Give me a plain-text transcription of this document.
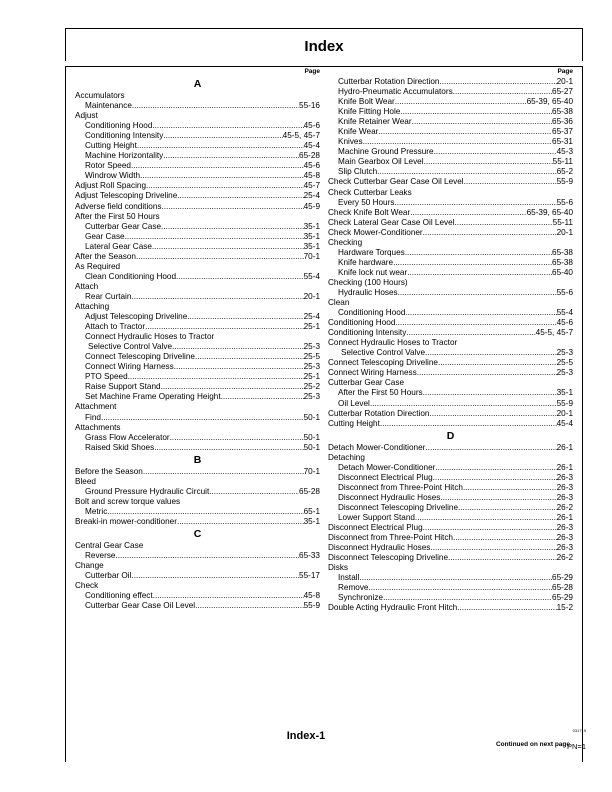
Index
Page
A
Accumulators
Maintenance .....	55-16
Adjust
Conditioning Hood .....	45-6
Conditioning Intensity .....	45-5, 45-7
Cutting Height .....	45-4
Machine Horizontality .....	65-28
Rotor Speed .....	45-6
Windrow Width .....	45-8
Adjust Roll Spacing .....	45-7
Adjust Telescoping Driveline .....	25-4
Adverse field conditions .....	45-9
After the First 50 Hours
Cutterbar Gear Case .....	35-1
Gear Case .....	35-1
Lateral Gear Case .....	35-1
After the Season .....	70-1
As Required
Clean Conditioning Hood .....	55-4
Attach
Rear Curtain .....	20-1
Attaching
Adjust Telescoping Driveline .....	25-4
Attach to Tractor .....	25-1
Connect Hydraulic Hoses to Tractor
Selective Control Valve .....	25-3
Connect Telescoping Driveline .....	25-5
Connect Wiring Harness .....	25-3
PTO Speed .....	25-1
Raise Support Stand .....	25-2
Set Machine Frame Operating Height .....	25-3
Attachment
Find .....	50-1
Attachments
Grass Flow Accelerator .....	50-1
Raised Skid Shoes .....	50-1
B
Before the Season .....	70-1
Bleed
Ground Pressure Hydraulic Circuit .....	65-28
Bolt and screw torque values
Metric .....	65-1
Breaki-in mower-conditioner .....	35-1
C
Central Gear Case
Reverse .....	65-33
Change
Cutterbar Oil .....	55-17
Check
Conditioning effect .....	45-8
Cutterbar Gear Case Oil Level .....	55-9
Page
Cutterbar Rotation Direction .....	20-1
Hydro-Pneumatic Accumulators .....	65-27
Knife Bolt Wear .....	65-39, 65-40
Knife Fitting Hole .....	65-38
Knife Retainer Wear .....	65-36
Knife Wear .....	65-37
Knives .....	65-31
Machine Ground Pressure .....	45-3
Main Gearbox Oil Level .....	55-11
Slip Clutch .....	65-2
Check Cutterbar Gear Case Oil Level .....	55-9
Check Cutterbar Leaks
Every 50 Hours .....	55-6
Check Knife Bolt Wear .....	65-39, 65-40
Check Lateral Gear Case Oil Level .....	55-11
Check Mower-Conditioner .....	20-1
Checking
Hardware Torques .....	65-38
Knife hardware .....	65-38
Knife lock nut wear .....	65-40
Checking (100 Hours)
Hydraulic Hoses .....	55-6
Clean
Conditioning Hood .....	55-4
Conditioning Hood .....	45-6
Conditioning Intensity .....	45-5, 45-7
Connect Hydraulic Hoses to Tractor
Selective Control Valve .....	25-3
Connect Telescoping Driveline .....	25-5
Connect Wiring Harness .....	25-3
Cutterbar Gear Case
After the First 50 Hours .....	35-1
Oil Level .....	55-9
Cutterbar Rotation Direction .....	20-1
Cutting Height .....	45-4
D
Detach Mower-Conditioner .....	26-1
Detaching
Detach Mower-Conditioner .....	26-1
Disconnect Electrical Plug .....	26-3
Disconnect from Three-Point Hitch .....	26-3
Disconnect Hydraulic Hoses .....	26-3
Disconnect Telescoping Driveline .....	26-2
Lower Support Stand .....	26-1
Disconnect Electrical Plug .....	26-3
Disconnect from Three-Point Hitch .....	26-3
Disconnect Hydraulic Hoses .....	26-3
Disconnect Telescoping Driveline .....	26-2
Disks
Install .....	65-29
Remove .....	65-28
Synchronize .....	65-29
Double Acting Hydraulic Front Hitch .....	15-2
Continued on next page
Index-1	031719
PN=1
